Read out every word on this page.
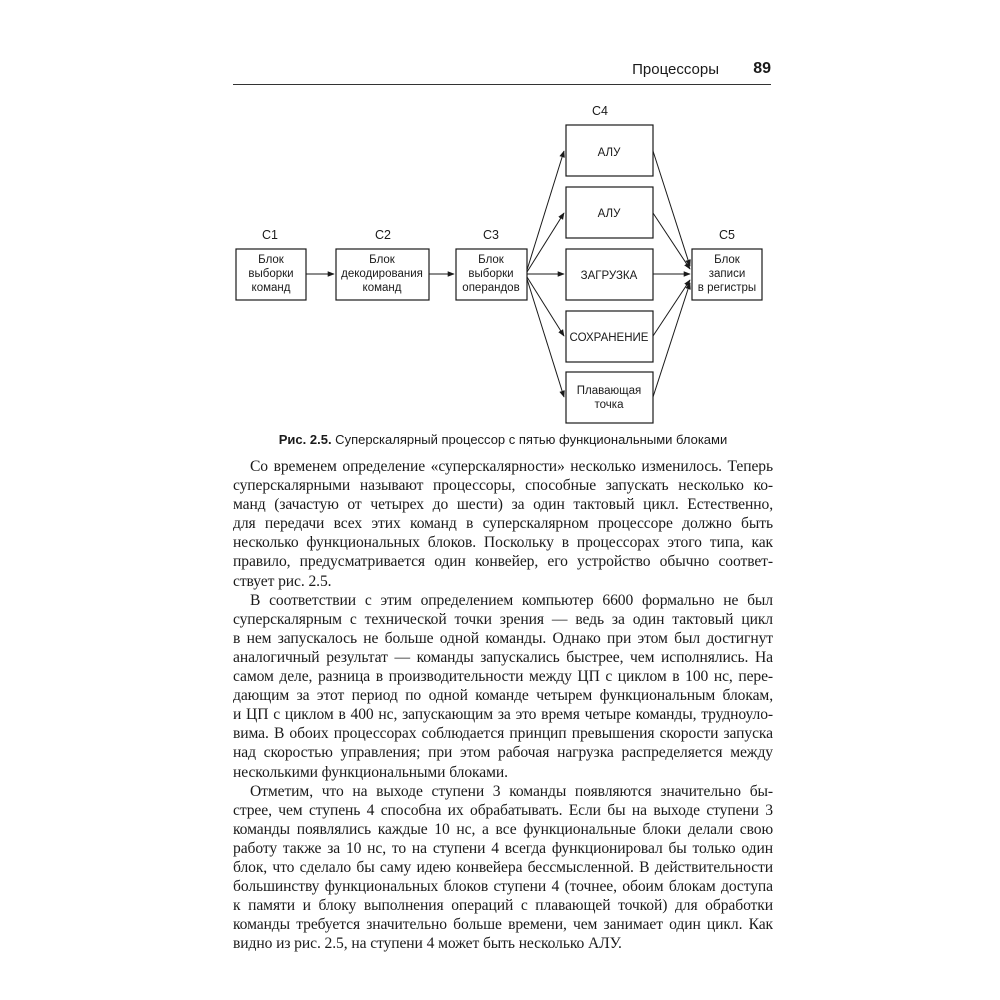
Процессоры 89
С1	С2	С3
С4
С5
Блок
выборки
команд
Блок
декодирования
команд
Блок
выборки
операндов
АЛУ
АЛУ
ЗАГРУЗКА
СОХРАНЕНИЕ
Плавающая
точка
Блок
записи
в регистры
Рис. 2.5. Суперскалярный процессор с пятью функциональными блоками

Со временем определение «суперскалярности» несколько изменилось. Теперь
суперскалярными называют процессоры, способные запускать несколько ко-
манд (зачастую от четырех до шести) за один тактовый цикл. Естественно,
для передачи всех этих команд в суперскалярном процессоре должно быть
несколько функциональных блоков. Поскольку в процессорах этого типа, как
правило, предусматривается один конвейер, его устройство обычно соответ-
ствует рис. 2.5.

В соответствии с этим определением компьютер 6600 формально не был
суперскалярным с технической точки зрения — ведь за один тактовый цикл
в нем запускалось не больше одной команды. Однако при этом был достигнут
аналогичный результат — команды запускались быстрее, чем исполнялись. На
самом деле, разница в производительности между ЦП с циклом в 100 нс, пере-
дающим за этот период по одной команде четырем функциональным блокам,
и ЦП с циклом в 400 нс, запускающим за это время четыре команды, трудноуло-
вима. В обоих процессорах соблюдается принцип превышения скорости запуска
над скоростью управления; при этом рабочая нагрузка распределяется между
несколькими функциональными блоками.

Отметим, что на выходе ступени 3 команды появляются значительно бы-
стрее, чем ступень 4 способна их обрабатывать. Если бы на выходе ступени 3
команды появлялись каждые 10 нс, а все функциональные блоки делали свою
работу также за 10 нс, то на ступени 4 всегда функционировал бы только один
блок, что сделало бы саму идею конвейера бессмысленной. В действительности
большинству функциональных блоков ступени 4 (точнее, обоим блокам доступа
к памяти и блоку выполнения операций с плавающей точкой) для обработки
команды требуется значительно больше времени, чем занимает один цикл. Как
видно из рис. 2.5, на ступени 4 может быть несколько АЛУ.
